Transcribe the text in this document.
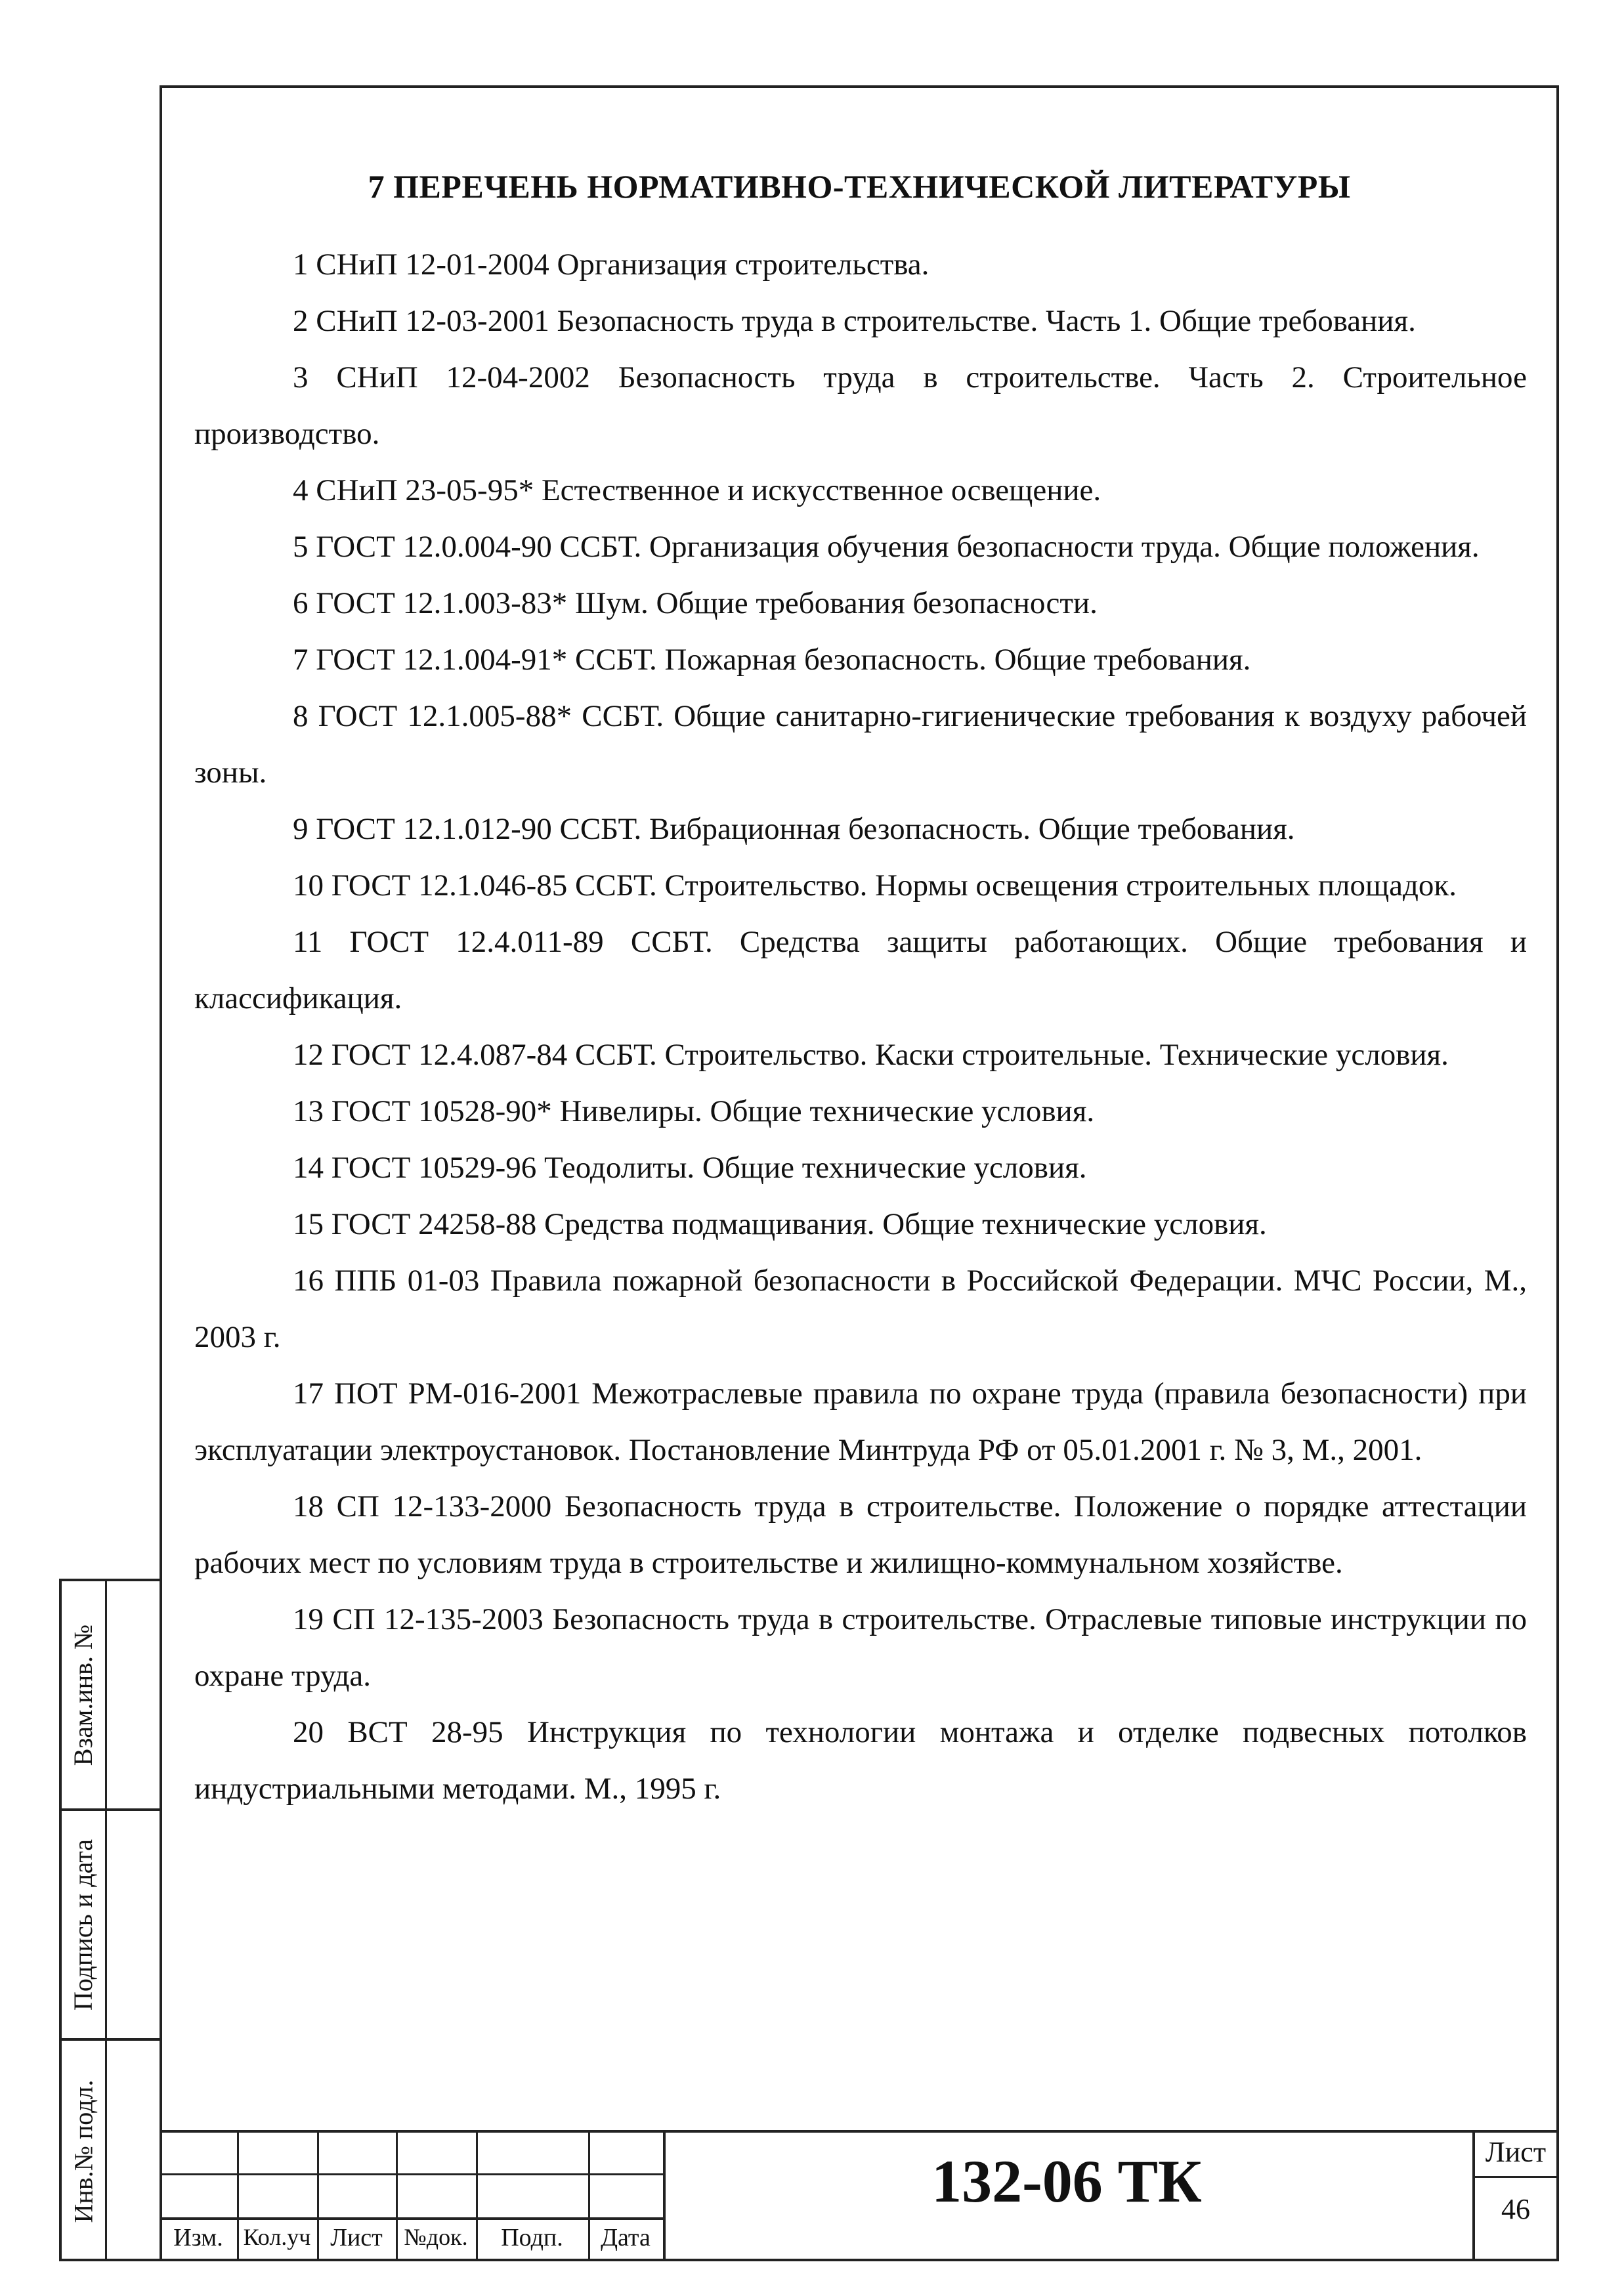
7 ПЕРЕЧЕНЬ НОРМАТИВНО-ТЕХНИЧЕСКОЙ ЛИТЕРАТУРЫ

1 СНиП 12-01-2004 Организация строительства.

2 СНиП 12-03-2001 Безопасность труда в строительстве. Часть 1. Общие требования.

3 СНиП 12-04-2002 Безопасность труда в строительстве. Часть 2. Строительное производство.

4 СНиП 23-05-95* Естественное и искусственное освещение.

5 ГОСТ 12.0.004-90 ССБТ. Организация обучения безопасности труда. Общие положения.

6 ГОСТ 12.1.003-83* Шум. Общие требования безопасности.

7 ГОСТ 12.1.004-91* ССБТ. Пожарная безопасность. Общие требования.

8 ГОСТ 12.1.005-88* ССБТ. Общие санитарно-гигиенические требования к воздуху рабочей зоны.

9 ГОСТ 12.1.012-90 ССБТ. Вибрационная безопасность. Общие требования.

10 ГОСТ 12.1.046-85 ССБТ. Строительство. Нормы освещения строительных площадок.

11 ГОСТ 12.4.011-89 ССБТ. Средства защиты работающих. Общие требования и классификация.

12 ГОСТ 12.4.087-84 ССБТ. Строительство. Каски строительные. Технические условия.

13 ГОСТ 10528-90* Нивелиры. Общие технические условия.

14 ГОСТ 10529-96 Теодолиты. Общие технические условия.

15 ГОСТ 24258-88 Средства подмащивания. Общие технические условия.

16 ППБ 01-03 Правила пожарной безопасности в Российской Федерации. МЧС России, М., 2003 г.

17 ПОТ РМ-016-2001 Межотраслевые правила по охране труда (правила безопасности) при эксплуатации электроустановок. Постановление Минтруда РФ от 05.01.2001 г. № 3, М., 2001.

18 СП 12-133-2000 Безопасность труда в строительстве. Положение о порядке аттестации рабочих мест по условиям труда в строительстве и жилищно-коммунальном хозяйстве.

19 СП 12-135-2003 Безопасность труда в строительстве. Отраслевые типовые инструкции по охране труда.

20 ВСТ 28-95 Инструкция по технологии монтажа и отделке подвесных потолков индустриальными методами. М., 1995 г.

Взам.инв. №
Подпись и дата
Инв.№ подл.
Изм. Кол.уч Лист №док.	Подп.	Дата
132-06 ТК	Лист
46
